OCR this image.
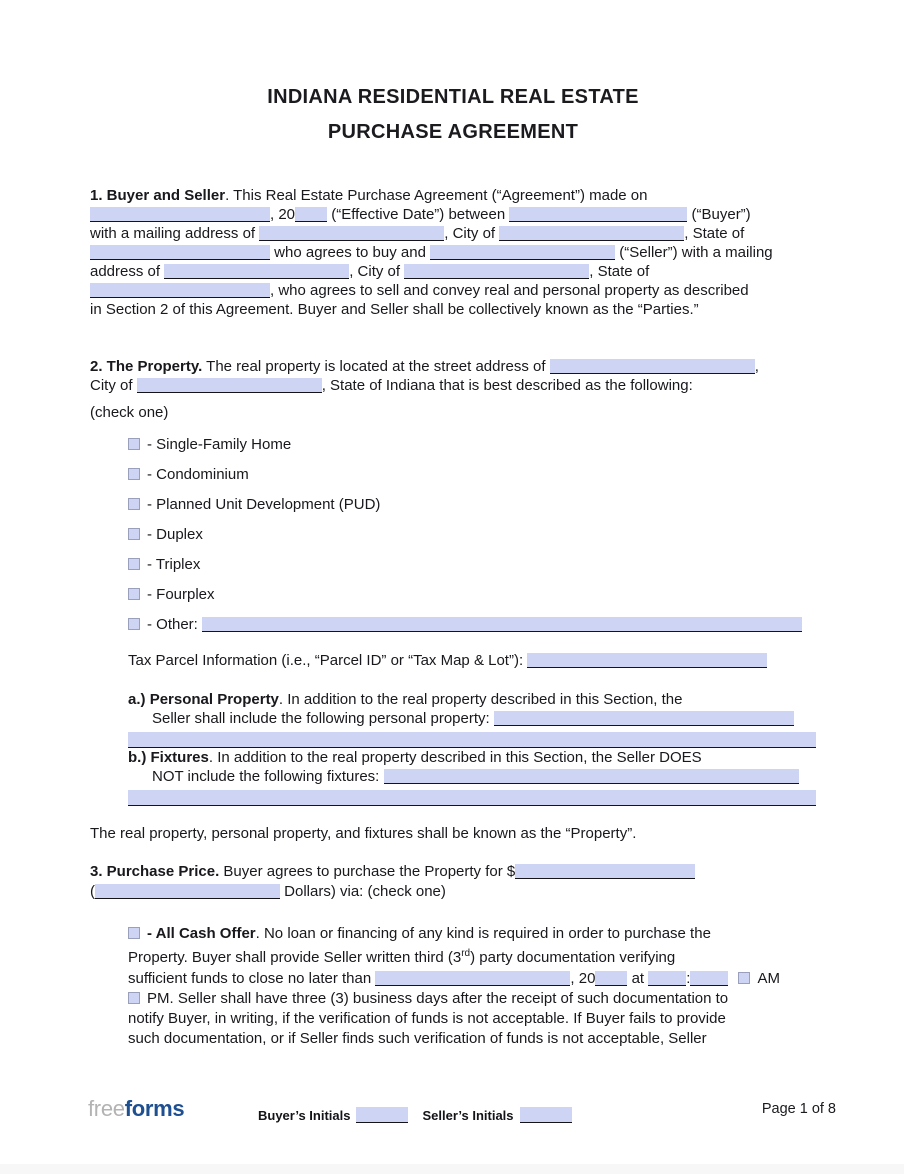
INDIANA RESIDENTIAL REAL ESTATE
PURCHASE AGREEMENT
1. Buyer and Seller. This Real Estate Purchase Agreement (“Agreement”) made on
, 20 (“Effective Date”) between	(“Buyer”)
with a mailing address of	, City of	, State of
who agrees to buy and	(“Seller”) with a mailing
address of	, City of	, State of
, who agrees to sell and convey real and personal property as described
in Section 2 of this Agreement. Buyer and Seller shall be collectively known as the “Parties.”
2. The Property. The real property is located at the street address of	,
City of	, State of Indiana that is best described as the following:
(check one)
- Single-Family Home
- Condominium
- Planned Unit Development (PUD)
- Duplex
- Triplex
- Fourplex
- Other:
Tax Parcel Information (i.e., “Parcel ID” or “Tax Map & Lot”):
a.) Personal Property. In addition to the real property described in this Section, the
Seller shall include the following personal property:
b.) Fixtures. In addition to the real property described in this Section, the Seller DOES
NOT include the following fixtures:
The real property, personal property, and fixtures shall be known as the “Property”.
3. Purchase Price. Buyer agrees to purchase the Property for $
(	Dollars) via: (check one)
- All Cash Offer. No loan or financing of any kind is required in order to purchase the
Property. Buyer shall provide Seller written third (3rd) party documentation verifying
sufficient funds to close no later than	, 20 at	:	AM
PM. Seller shall have three (3) business days after the receipt of such documentation to
notify Buyer, in writing, if the verification of funds is not acceptable. If Buyer fails to provide
such documentation, or if Seller finds such verification of funds is not acceptable, Seller
freeforms	Buyer’s Initials	Seller’s Initials	Page 1 of 8
